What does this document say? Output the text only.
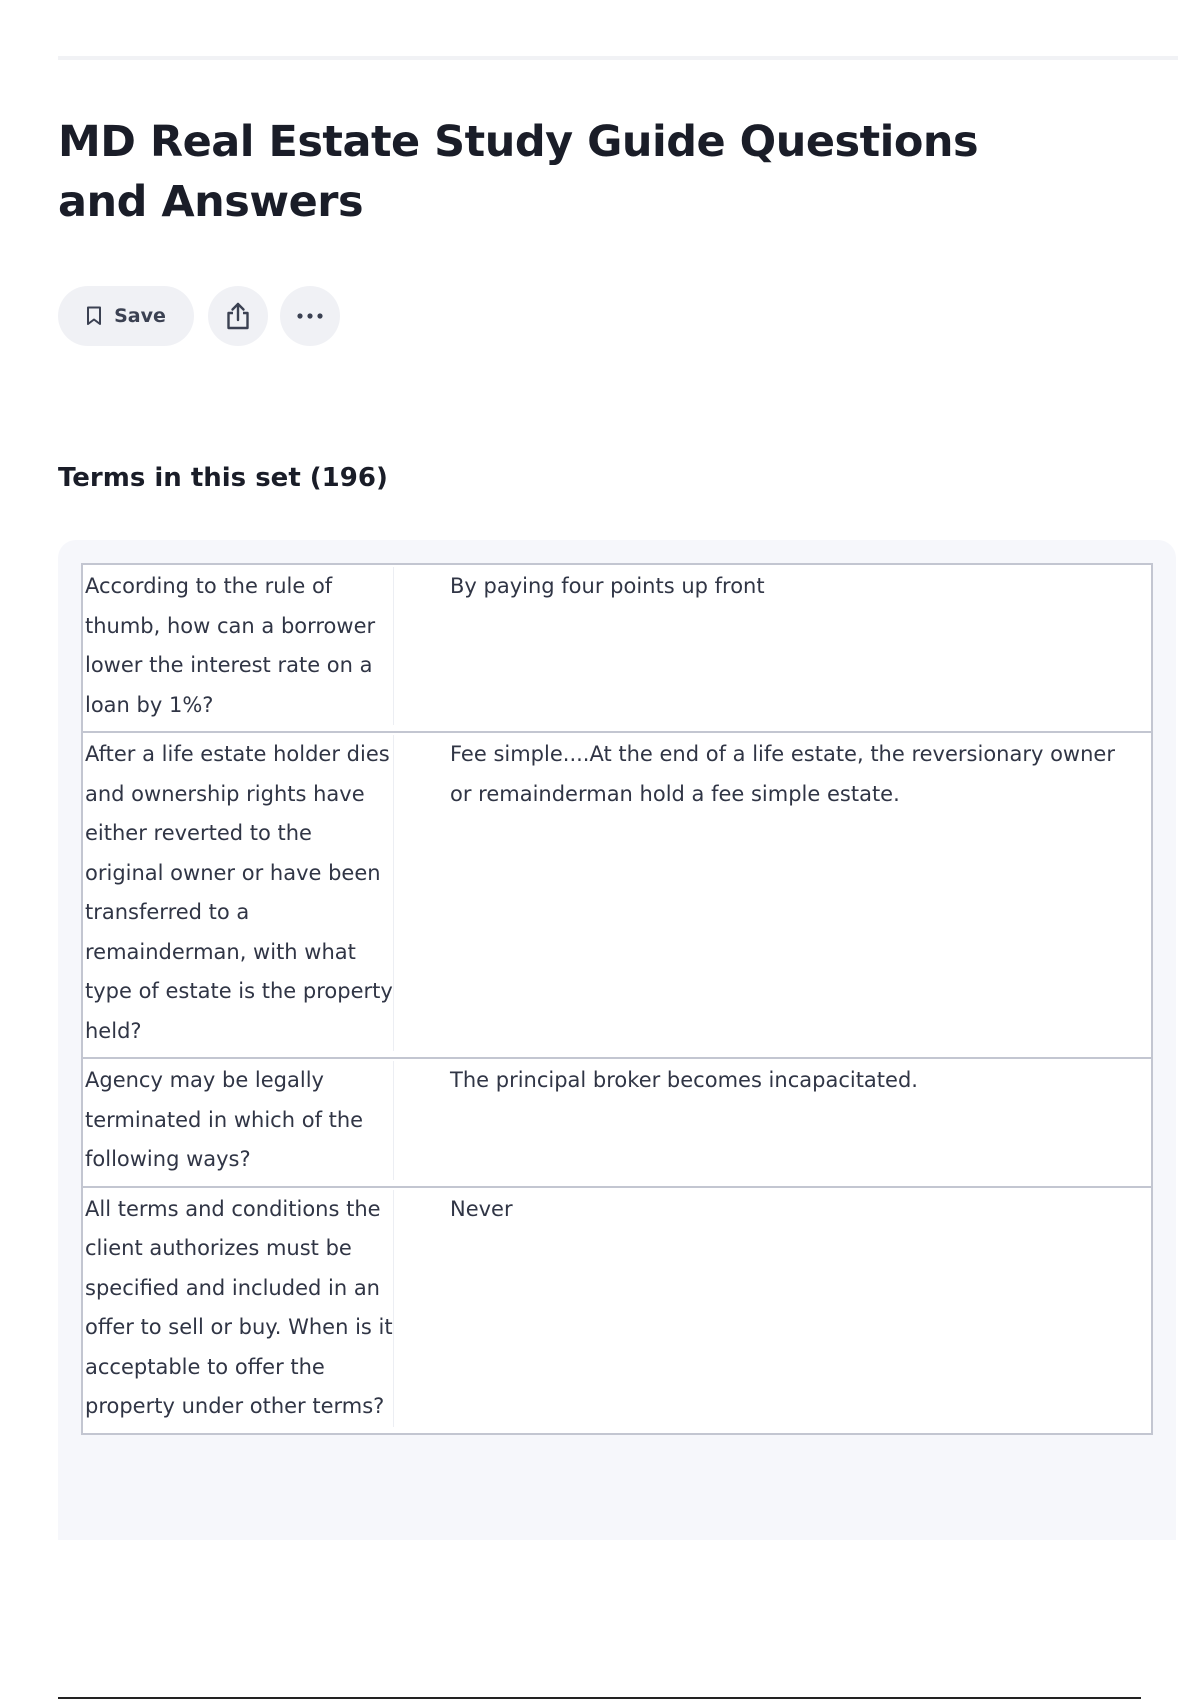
MD Real Estate Study Guide Questions and Answers
Save
Terms in this set (196)
According to the rule of thumb, how can a borrower lower the interest rate on a loan by 1%?	By paying four points up front

After a life estate holder dies and ownership rights have either reverted to the original owner or have been transferred to a remainderman, with what type of estate is the property held?	Fee simple....At the end of a life estate, the reversionary owner or remainderman hold a fee simple estate.

Agency may be legally terminated in which of the following ways?	The principal broker becomes incapacitated.

All terms and conditions the client authorizes must be specified and included in an offer to sell or buy. When is it acceptable to offer the property under other terms?	Never
